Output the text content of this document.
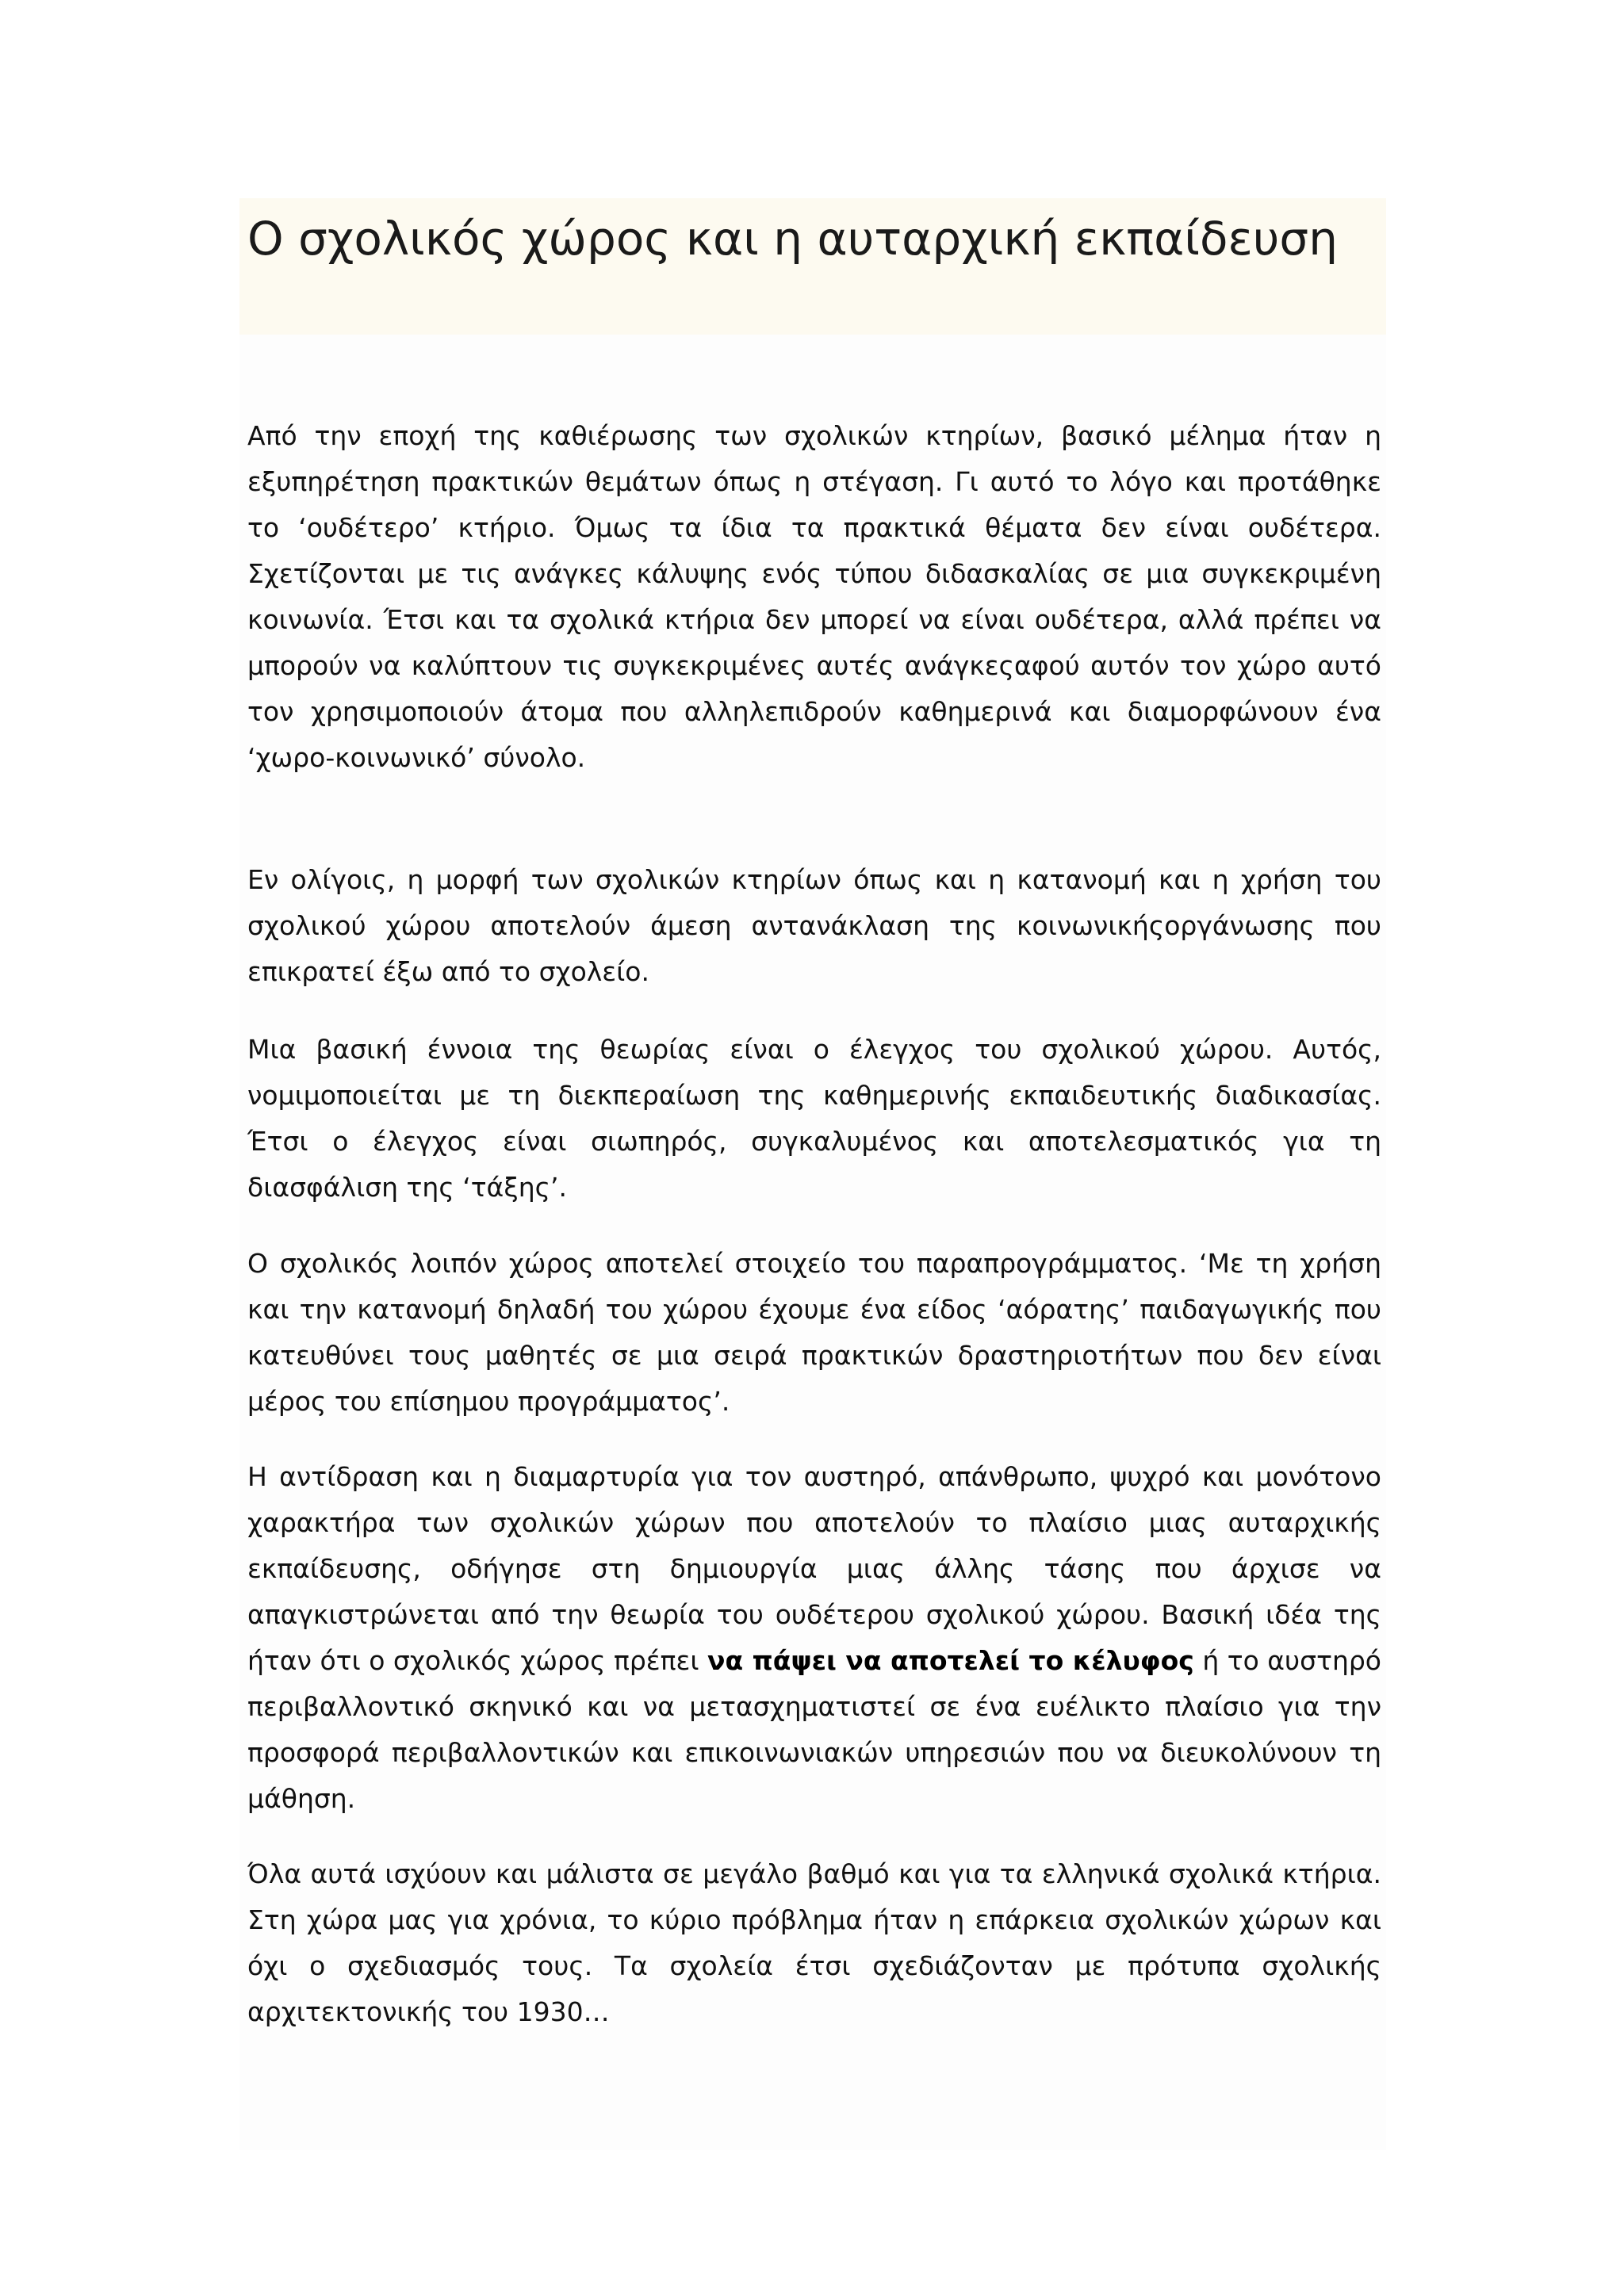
Ο σχολικός χώρος και η αυταρχική εκπαίδευση

Από την εποχή της καθιέρωσης των σχολικών κτηρίων, βασικό μέλημα ήταν η εξυπηρέτηση πρακτικών θεμάτων όπως η στέγαση. Γι αυτό το λόγο και προτάθηκε το ‘ουδέτερο’ κτήριο. Όμως τα ίδια τα πρακτικά θέματα δεν είναι ουδέτερα. Σχετίζονται με τις ανάγκες κάλυψης ενός τύπου διδασκαλίας σε μια συγκεκριμένη κοινωνία. Έτσι και τα σχολικά κτήρια δεν μπορεί να είναι ουδέτερα, αλλά πρέπει να μπορούν να καλύπτουν τις συγκεκριμένες αυτές ανάγκεςαφού αυτόν τον χώρο αυτό τον χρησιμοποιούν άτομα που αλληλεπιδρούν καθημερινά και διαμορφώνουν ένα ‘χωρο-κοινωνικό’ σύνολο.

Εν ολίγοις, η μορφή των σχολικών κτηρίων όπως και η κατανομή και η χρήση του σχολικού χώρου αποτελούν άμεση αντανάκλαση της κοινωνικήςοργάνωσης που επικρατεί έξω από το σχολείο.

Μια βασική έννοια της θεωρίας είναι ο έλεγχος του σχολικού χώρου. Αυτός, νομιμοποιείται με τη διεκπεραίωση της καθημερινής εκπαιδευτικής διαδικασίας. Έτσι ο έλεγχος είναι σιωπηρός, συγκαλυμένος και αποτελεσματικός για τη διασφάλιση της ‘τάξης’.

Ο σχολικός λοιπόν χώρος αποτελεί στοιχείο του παραπρογράμματος. ‘Με τη χρήση και την κατανομή δηλαδή του χώρου έχουμε ένα είδος ‘αόρατης’ παιδαγωγικής που κατευθύνει τους μαθητές σε μια σειρά πρακτικών δραστηριοτήτων που δεν είναι μέρος του επίσημου προγράμματος’.

Η αντίδραση και η διαμαρτυρία για τον αυστηρό, απάνθρωπο, ψυχρό και μονότονο χαρακτήρα των σχολικών χώρων που αποτελούν το πλαίσιο μιας αυταρχικής εκπαίδευσης, οδήγησε στη δημιουργία μιας άλλης τάσης που άρχισε να απαγκιστρώνεται από την θεωρία του ουδέτερου σχολικού χώρου. Βασική ιδέα της ήταν ότι ο σχολικός χώρος πρέπει να πάψει να αποτελεί το κέλυφος ή το αυστηρό περιβαλλοντικό σκηνικό και να μετασχηματιστεί σε ένα ευέλικτο πλαίσιο για την προσφορά περιβαλλοντικών και επικοινωνιακών υπηρεσιών που να διευκολύνουν τη μάθηση.

Όλα αυτά ισχύουν και μάλιστα σε μεγάλο βαθμό και για τα ελληνικά σχολικά κτήρια. Στη χώρα μας για χρόνια, το κύριο πρόβλημα ήταν η επάρκεια σχολικών χώρων και όχι ο σχεδιασμός τους. Τα σχολεία έτσι σχεδιάζονταν με πρότυπα σχολικής αρχιτεκτονικής του 1930…
